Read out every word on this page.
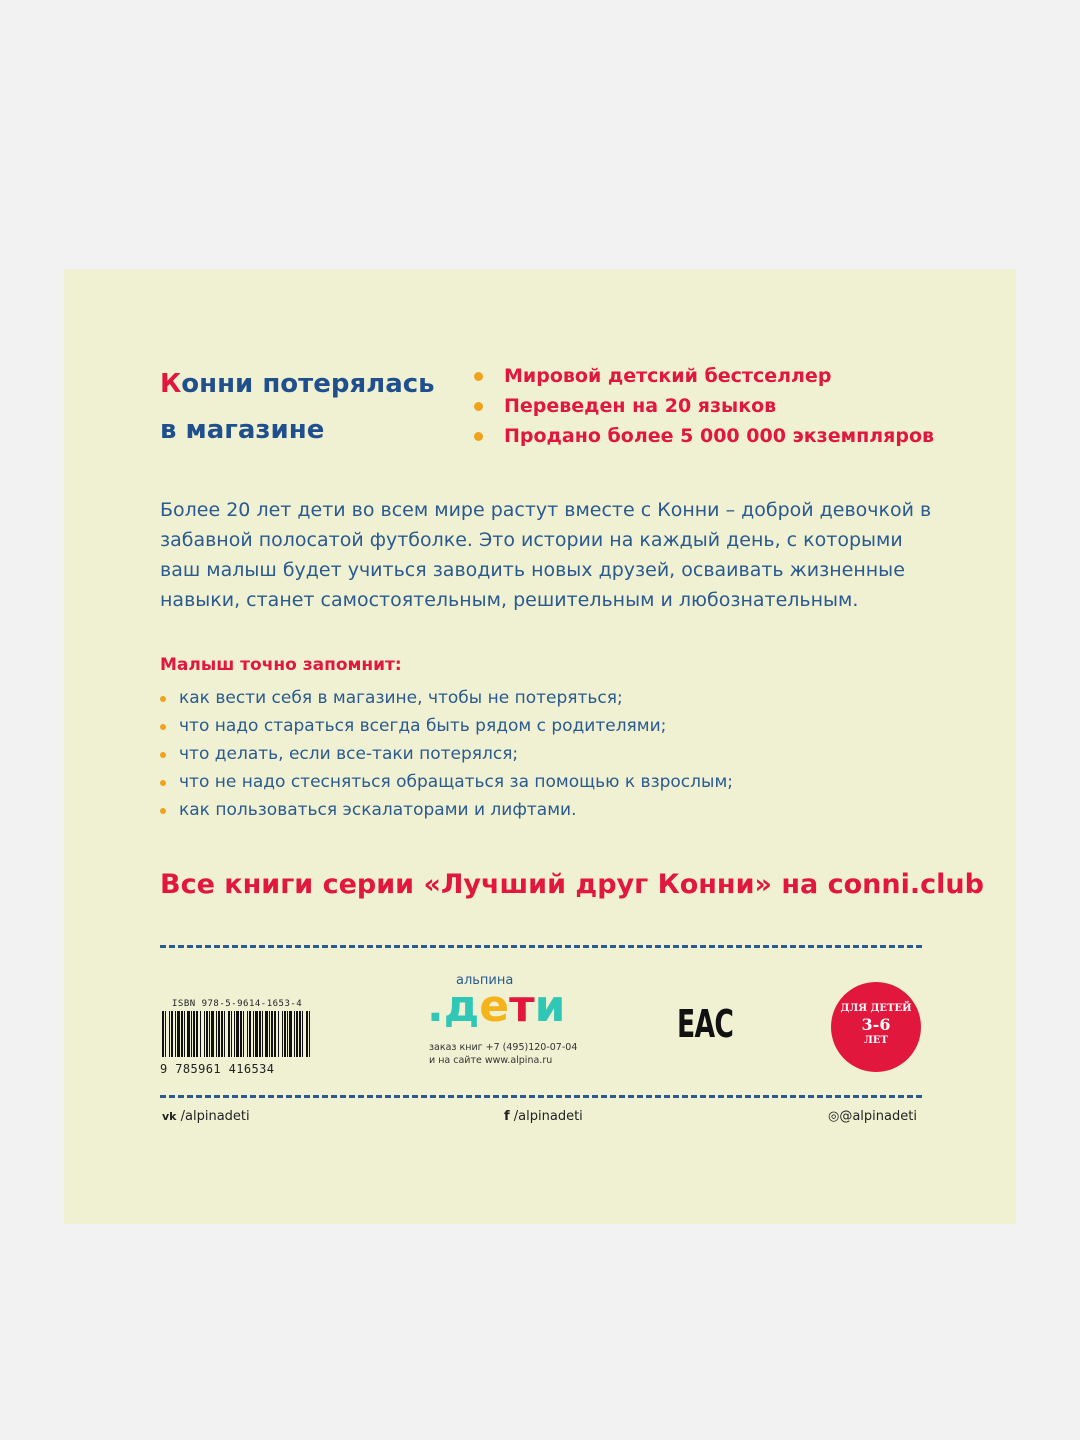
Конни потерялась
в магазине
Мировой детский бестселлер
Переведен на 20 языков
Продано более 5 000 000 экземпляров

Более 20 лет дети во всем мире растут вместе с Конни – доброй девочкой в забавной полосатой футболке. Это истории на каждый день, с которыми ваш малыш будет учиться заводить новых друзей, осваивать жизненные навыки, станет самостоятельным, решительным и любознательным.

Малыш точно запомнит:
как вести себя в магазине, чтобы не потеряться;
что надо стараться всегда быть рядом с родителями;
что делать, если все-таки потерялся;
что не надо стесняться обращаться за помощью к взрослым;
как пользоваться эскалаторами и лифтами.
Все книги серии «Лучший друг Конни» на conni.club
ISBN 978-5-9614-1653-4
9 785961 416534
альпина
.дети
заказ книг +7 (495)120-07-04
и на сайте www.alpina.ru
EAC	ДЛЯ ДЕТЕЙ
3-6
ЛЕТ
vk /alpinadeti	f /alpinadeti	◎@alpinadeti
